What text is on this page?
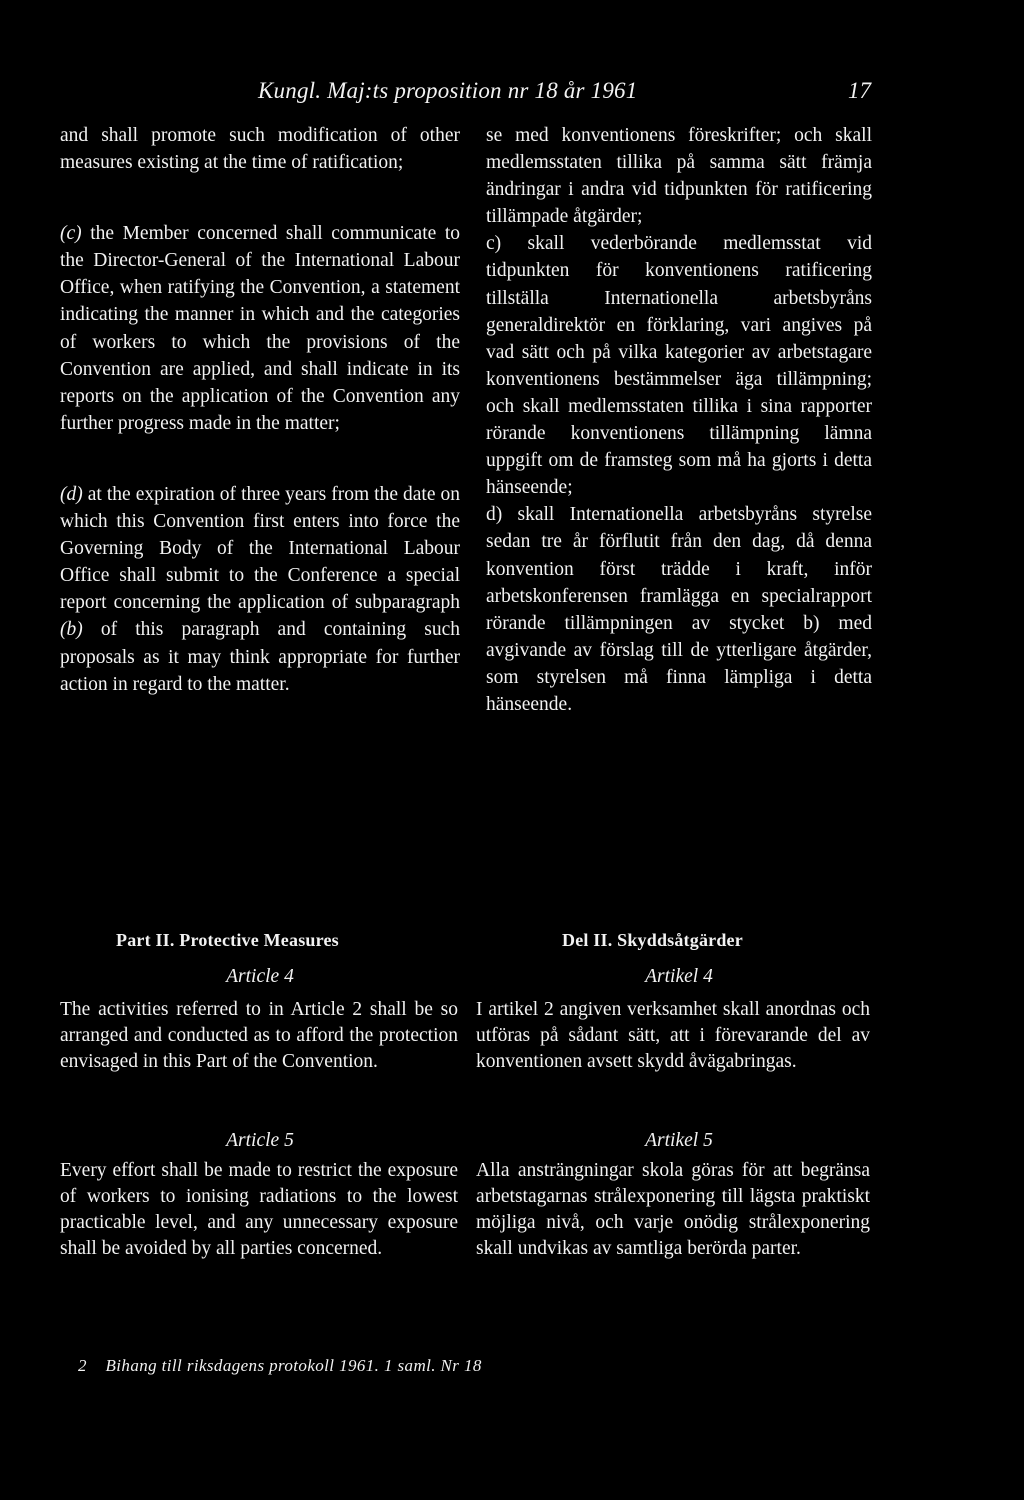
Kungl. Maj:ts proposition nr 18 år 1961	17

and shall promote such modification of other measures existing at the time of ratification;

(c) the Member concerned shall communicate to the Director-General of the International Labour Office, when ratifying the Convention, a statement indicating the manner in which and the categories of workers to which the provisions of the Convention are applied, and shall indicate in its reports on the application of the Convention any further progress made in the matter;

(d) at the expiration of three years from the date on which this Convention first enters into force the Governing Body of the International Labour Office shall submit to the Conference a special report concerning the application of subparagraph (b) of this paragraph and containing such proposals as it may think appropriate for further action in regard to the matter.

se med konventionens föreskrifter; och skall medlemsstaten tillika på samma sätt främja ändringar i andra vid tidpunkten för ratificering tillämpade åtgärder;

c) skall vederbörande medlemsstat vid tidpunkten för konventionens ratificering tillställa Internationella arbetsbyråns generaldirektör en förklaring, vari angives på vad sätt och på vilka kategorier av arbetstagare konventionens bestämmelser äga tillämpning; och skall medlemsstaten tillika i sina rapporter rörande konventionens tillämpning lämna uppgift om de framsteg som må ha gjorts i detta hänseende;

d) skall Internationella arbetsbyråns styrelse sedan tre år förflutit från den dag, då denna konvention först trädde i kraft, inför arbetskonferensen framlägga en specialrapport rörande tillämpningen av stycket b) med avgivande av förslag till de ytterligare åtgärder, som styrelsen må finna lämpliga i detta hänseende.

Part II. Protective Measures	Del II. Skyddsåtgärder
Article 4	Artikel 4

The activities referred to in Article 2 shall be so arranged and conducted as to afford the protection envisaged in this Part of the Convention.

I artikel 2 angiven verksamhet skall anordnas och utföras på sådant sätt, att i förevarande del av konventionen avsett skydd åvägabringas.

Article 5	Artikel 5

Every effort shall be made to restrict the exposure of workers to ionising radiations to the lowest practicable level, and any unnecessary exposure shall be avoided by all parties concerned.

Alla ansträngningar skola göras för att begränsa arbetstagarnas strålexponering till lägsta praktiskt möjliga nivå, och varje onödig strålexponering skall undvikas av samtliga berörda parter.

2 Bihang till riksdagens protokoll 1961. 1 saml. Nr 18
